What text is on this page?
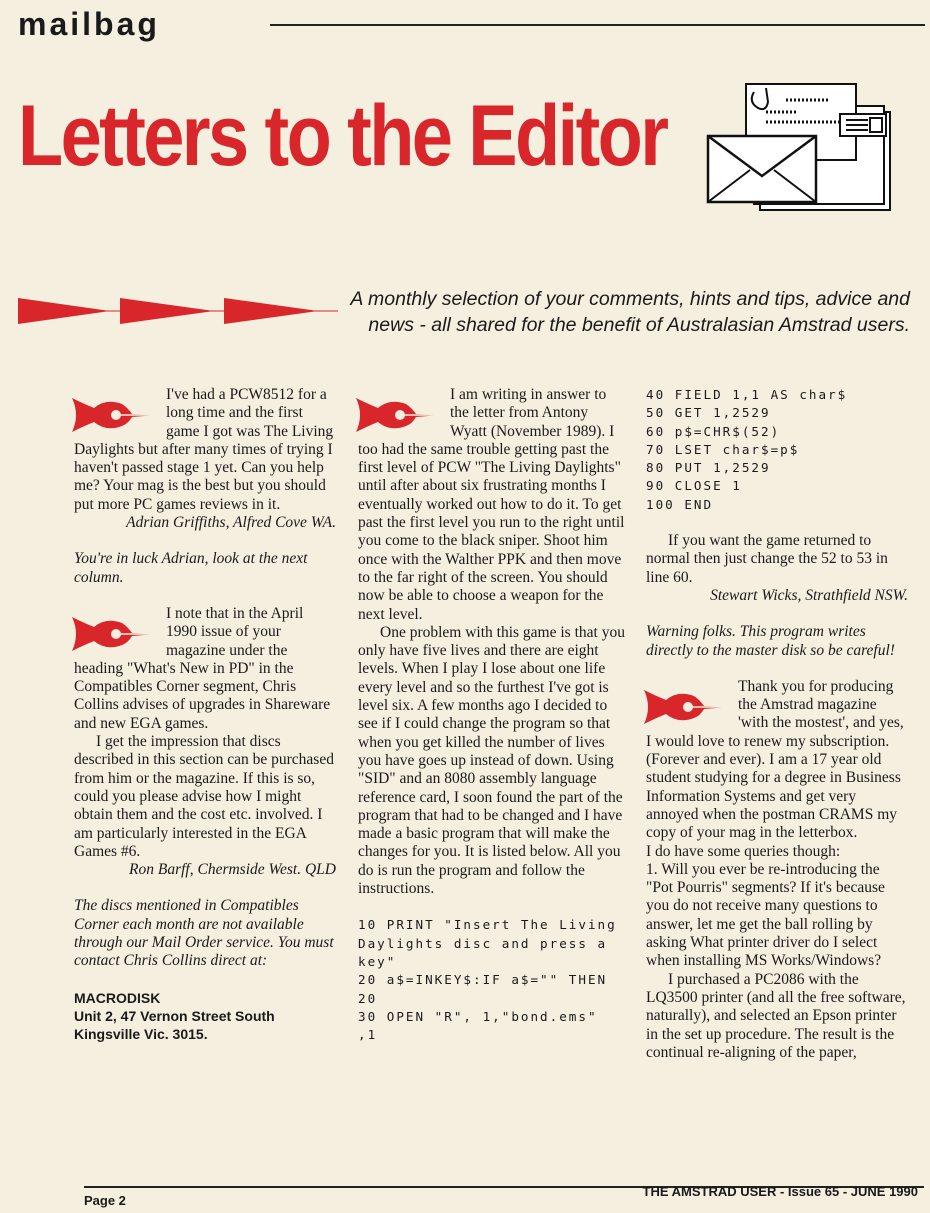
mailbag
Letters to the Editor
A monthly selection of your comments, hints and tips, advice and
news - all shared for the benefit of Australasian Amstrad users.

I've had a PCW8512 for a long time and the first game I got was The Living Daylights but after many times of trying I haven't passed stage 1 yet. Can you help me? Your mag is the best but you should put more PC games reviews in it.

Adrian Griffiths, Alfred Cove WA.

You're in luck Adrian, look at the next column.

I note that in the April 1990 issue of your magazine under the heading "What's New in PD" in the Compatibles Corner segment, Chris Collins advises of upgrades in Shareware and new EGA games.

I get the impression that discs described in this section can be purchased from him or the magazine. If this is so, could you please advise how I might obtain them and the cost etc. involved. I am particularly interested in the EGA Games #6.

Ron Barff, Chermside West. QLD

The discs mentioned in Compatibles Corner each month are not available through our Mail Order service. You must contact Chris Collins direct at:

MACRODISK
Unit 2, 47 Vernon Street South
Kingsville Vic. 3015.

I am writing in answer to the letter from Antony Wyatt (November 1989). I too had the same trouble getting past the first level of PCW "The Living Daylights" until after about six frustrating months I eventually worked out how to do it. To get past the first level you run to the right until you come to the black sniper. Shoot him once with the Walther PPK and then move to the far right of the screen. You should now be able to choose a weapon for the next level.

One problem with this game is that you only have five lives and there are eight levels. When I play I lose about one life every level and so the furthest I've got is level six. A few months ago I decided to see if I could change the program so that when you get killed the number of lives you have goes up instead of down. Using "SID" and an 8080 assembly language reference card, I soon found the part of the program that had to be changed and I have made a basic program that will make the changes for you. It is listed below. All you do is run the program and follow the instructions.

10 PRINT "Insert The Living Daylights disc and press a key"
20 a$=INKEY$:IF a$="" THEN 20
30 OPEN "R", 1,"bond.ems" ,1
40 FIELD 1,1 AS char$
50 GET 1,2529
60 p$=CHR$(52)
70 LSET char$=p$
80 PUT 1,2529
90 CLOSE 1
100 END

If you want the game returned to normal then just change the 52 to 53 in line 60.

Stewart Wicks, Strathfield NSW.

Warning folks. This program writes directly to the master disk so be careful!

Thank you for producing the Amstrad magazine 'with the mostest', and yes, I would love to renew my subscription. (Forever and ever). I am a 17 year old student studying for a degree in Business Information Systems and get very annoyed when the postman CRAMS my copy of your mag in the letterbox.

I do have some queries though:

1. Will you ever be re-introducing the "Pot Pourris" segments? If it's because you do not receive many questions to answer, let me get the ball rolling by asking What printer driver do I select when installing MS Works/Windows?

I purchased a PC2086 with the LQ3500 printer (and all the free software, naturally), and selected an Epson printer in the set up procedure. The result is the continual re-aligning of the paper,

Page 2
THE AMSTRAD USER - Issue 65 - JUNE 1990
